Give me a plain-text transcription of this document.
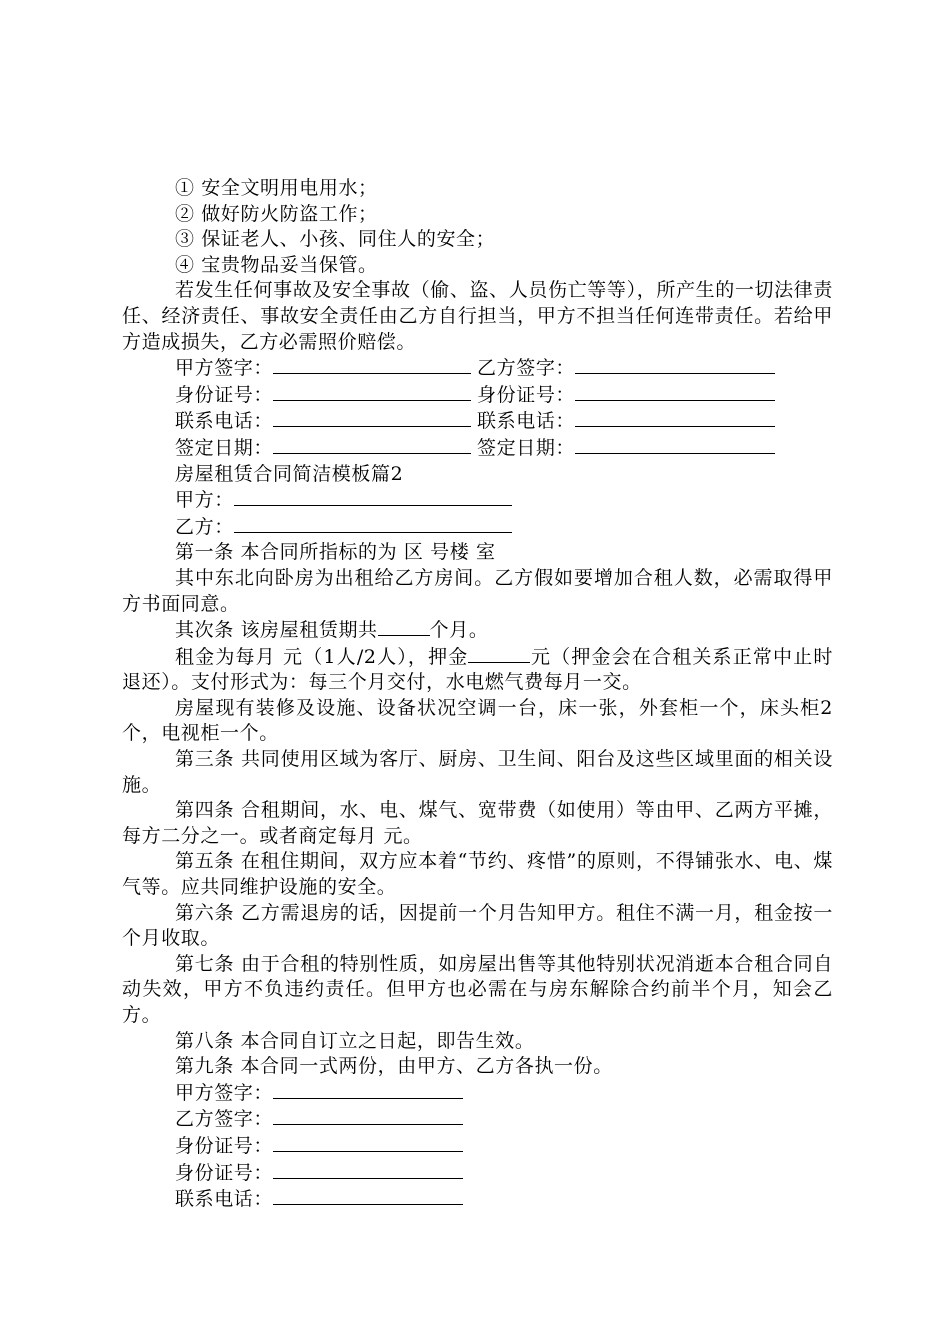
① 安全文明用电用水；

② 做好防火防盗工作；

③ 保证老人、小孩、同住人的安全；

④ 宝贵物品妥当保管。

若发生任何事故及安全事故（偷、盗、人员伤亡等等），所产生的一切法律责任、经济责任、事故安全责任由乙方自行担当，甲方不担当任何连带责任。若给甲方造成损失，乙方必需照价赔偿。

甲方签字：	乙方签字：
身份证号：	身份证号：
联系电话：	联系电话：
签定日期：	签定日期：

房屋租赁合同简洁模板篇2

甲方：
乙方：

第一条 本合同所指标的为 区 号楼 室

其中东北向卧房为出租给乙方房间。乙方假如要增加合租人数，必需取得甲方书面同意。

其次条 该房屋租赁期共	个月。

租金为每月 元（1人/2人），押金	元（押金会在合租关系正常中止时退还）。支付形式为：每三个月交付，水电燃气费每月一交。

房屋现有装修及设施、设备状况空调一台，床一张，外套柜一个，床头柜2个，电视柜一个。

第三条 共同使用区域为客厅、厨房、卫生间、阳台及这些区域里面的相关设施。

第四条 合租期间，水、电、煤气、宽带费（如使用）等由甲、乙两方平摊，每方二分之一。或者商定每月 元。

第五条 在租住期间，双方应本着“节约、疼惜”的原则，不得铺张水、电、煤气等。应共同维护设施的安全。

第六条 乙方需退房的话，因提前一个月告知甲方。租住不满一月，租金按一个月收取。

第七条 由于合租的特别性质，如房屋出售等其他特别状况消逝本合租合同自动失效，甲方不负违约责任。但甲方也必需在与房东解除合约前半个月，知会乙方。

第八条 本合同自订立之日起，即告生效。

第九条 本合同一式两份，由甲方、乙方各执一份。

甲方签字：
乙方签字：
身份证号：
身份证号：
联系电话：
